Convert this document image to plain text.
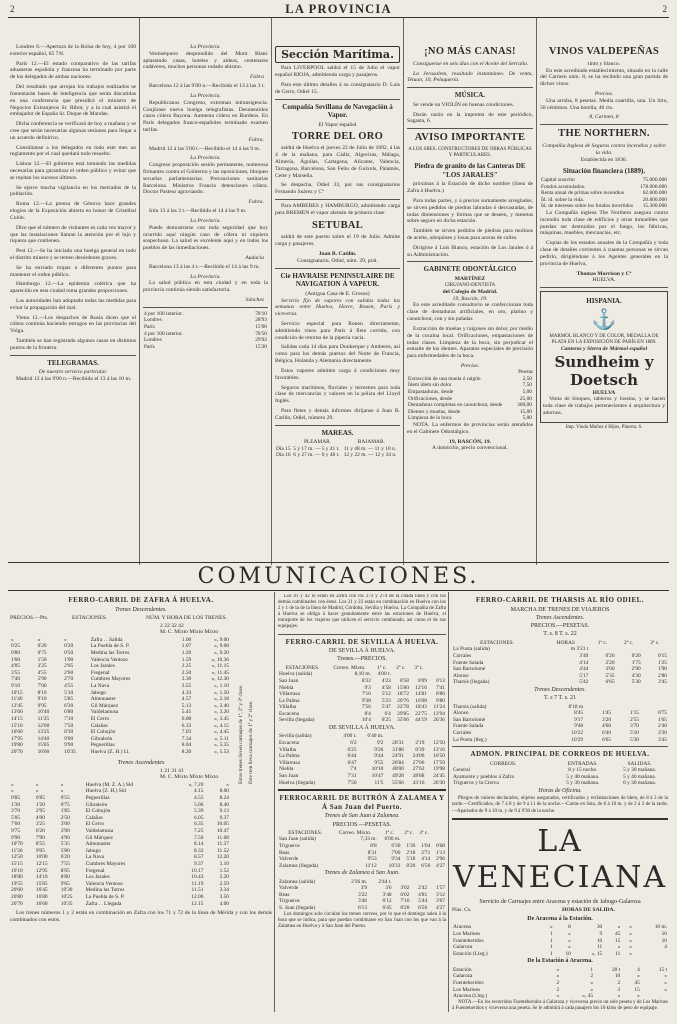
2	LA PROVINCIA	2

Londres 8.—Apertura de la Bolsa de hoy, 4 por 100 exterior español, 65 7/8.

París 12.—El estado comparativo de las tarifas aduaneras española y francesa ha terminado por parte de los delegados de ambas naciones.

Del resultado que arrojan los trabajos realizados se fomentarán bases de inteligencia que serán discutidas en una conferencia que presidirá el ministro de Negocios Extranjeros Sr. Ribot, y a la cual asistirá el embajador de España Sr. Duque de Mandas.

Dicha conferencia se verificará de hoy a mañana y se cree que serán necesarias algunas sesiones para llegar a un acuerdo definitivo.

Consúltanse a los delegados en todo este mes un reglamento por el cual quedará todo resuelto.

Lisboa 12.—El gobierno está tomando las medidas necesarias para garantizar el orden público y evitar que se repitan los sucesos últimos.

Se ejerce mucha vigilancia en los mercados de la población.

Roma 12.—La prensa de Génova hace grandes elogios de la Exposición abierta en honor de Cristóbal Colón.

Dice que el número de visitantes es cada vez mayor y que las instalaciones llaman la atención por el lujo y riqueza que contienen.

Pest 12.—Se ha iniciado una huelga general en todo el distrito minero y se temen desórdenes graves.

Se ha enviado tropas a diferentes puntos para mantener el orden público.

Hamburgo 12.—La epidemia colérica que ha aparecido en esta ciudad toma grandes proporciones.

Las autoridades han adoptado todas las medidas para evitar la propagación del mal.

Viena 12.—Los despachos de Rusia dicen que el cólera continúa haciendo estragos en las provincias del Volga.

También se han registrado algunos casos en distintos puntos de la frontera.

TELEGRAMAS.
De nuestro servicio particular.

Madrid 13 á las 9'00 n.—Recibido el 13 á las 10 m.

La Provincia.

Ventiséquero desprendido del Mont Blanc aplastando casas, hoteles y aldeas, centenares cadáveres, muchos personas rodado abismo.

Fabra

Barcelona 12 á las 9'00 n.—Recibido el 13 á las 3 t.

La Provincia.

Republicanos Congreso, extreman intransigencia. Conjúrase nueva huelga telegrafistas. Desmentidos casos cólera Bayona. Aumenta cólera en Burdeos. En París delegados franco-españoles terminado examen tarifas.

Fabra.

Madrid 12 á las 5'00 t.—Recibido el 14 á las 9 m.

La Provincia.

Congreso proposición sesión permanente, numerosa firmantes contra el Gobierno y las oposiciones, bloqueo secuelas parlamentarias. Precauciones sanitarias Barcelona. Ministros Francia detenciones cólera. Doctor Pasteur agraviando.

Fabra.

Irún 13 á las 2 t.—Recibido el 14 á las 9 m.

La Provincia.

Puede demostrarse con toda seguridad que hoy ocurrido aquí ningún caso de cólera ni siquiera sospechoso. La salud es excelente aquí y en todos los pueblos de las inmediaciones.

Audacia

Barcelona 13 á las 4 t.—Recibido el 14 á las 9 m.

La Provincia.

La salud pública en esta ciudad y en toda la provincia continúa siendo satisfactoria.

Sánchez
4 por 100 interior.	78'10
Londres	28'93
París	15'00
4 por 100 interior.	78'50
Londres	29'02
París	15'20
Sección Marítima.

Para LIVERPOOL saldrá el 15 de Julio el vapor español RIOJA, admitiendo carga y pasajeros.

Para este último detalles á su consignatario D. Luis de Cerro, Odiel 15.

Compañía Sevillana de Navegación á Vapor.
El Vapor español
TORRE DEL ORO

saldrá de Huelva el jueves 22 de Julio de 1892, á las 4 de la mañana, para Cádiz, Algeciras, Málaga, Almería, Águilas, Cartagena, Alicante, Valencia, Tarragona, Barcelona, San Feliu de Guíxols, Palamós, Cette y Marsella.

Se despacha, Odiel 33, por sus consignatarios Fernando Suárez y Cª

Para AMBERES y HAMBURGO, admitiendo carga para BREMEN el vapor alemán de primera clase

SETUBAL

saldrá de este puerto sobre el 19 de Julio. Admite carga y pasajeros.

Juan B. Catilin.
Consignatario, Odiel, núm. 29, pral.
Cie HAVRAISE PENINSULAIRE DE NAVIGATION Á VAPEUR.
(Antigua Casa de E. Grosos)

Servicio fijo de vapores con salidas todas las semanas entre Huelva, Havre, Rouen, París y viceversa.

Servicio especial para Rouen directamente, admitiendo vinos para París á flete corrido, con condición de retorno de la pipería vacía.

Salidas cada 14 días para Dunkerque y Amberes, así como para los demás puertos del Norte de Francia, Bélgica, Holanda y Alemania directamente.

Estos vapores admiten carga á condiciones muy favorables.

Seguros marítimos, fluviales y terrestres para toda clase de mercancías y valores en la póliza del Lloyd Inglés.

Para fletes y demás informes diríjanse á Juan B. Catilin, Odiel, número 29.

MAREAS.
	PLEAMAR.	BAJAMAR.
Día 15	5 y 17 m. — 5 y 41 t.	11 y 48 m. — 11 y 10 n.
Día 16	6 y 27 m. — 6 y 48 t.	12 y 22 m. — 12 y 34 n.
¡NO MÁS CANAS!

Consíguense en seis días con el Aceite del Serrallo.

La Jerusalem, resultado instantáneo. De venta, Tetuan, 10, Peluquería.

MÚSICA.

Se vende un VIOLÍN en buenas condiciones.

Darán razón en la imprenta de este periódico, Sagasta, 6.

AVISO IMPORTANTE
A LOS SRES. CONSTRUCTORES DE OBRAS PÚBLICAS Y PARTICULARES.
Piedra de granito de las Canteras DE "LOS JARALES"

próximas á la Estación de dicho nombre (línea de Zafra á Huelva.)

Para todas partes, y á precios sumamente arreglados, se sirven pedidos de piedras labradas ó desvastadas, de todas dimensiones y formas que se deseen, y mesetas sobre seguro en dicha estación.

También se sirven pedidos de piedras para molinos de aceite, adoquines y losas para aceras de calles.

Dirigirse á Luis Blanco, estación de Los Jarales ó á su Administración.

GABINETE ODONTÁLGICO
MARTÍNEZ
CIRUJANO-DENTISTA
del Colegio de Madrid.
19, Rascón, 19.

En este acreditado consultorio se confeccionan toda clase de dentaduras artificiales, en oro, platino y caoutchout, con y sin paladar.

Extracción de muelas y raigones sin dolor, por medio de la cocaína local. Orificaciones, empastaciones de todas clases. Limpieza de la boca, sin perjudicar el esmalte de los dientes. Aparatos especiales de precisión para enfermedades de la boca.

Precios.
Pesetas
Extracción de una muela ó raigón	2,50
Ídem ídem sin dolor	7,50
Empastaduras, desde	5,00
Orificaciones, desde	25,00
Dentaduras completas en caoutchout, desde	300,00
Dientes y muelas, desde	15,00
Limpieza de la boca	5,00

NOTA. La enfermos de provincias serán atendidos en el Gabinete Odontálgico.

19, RASCÓN, 19.
A domicilio, precio convencional.
VINOS VALDEPEÑAS
tinto y blanco.

En este acreditado establecimiento, situado en la calle del Carmen núm. 8, se ha recibido una gran partida de dichos vinos.

Precios.

Una arroba, 8 pesetas. Media cuartilla, una. Un litro, 50 céntimos. Una botella, 40 cts.

8, Carmen, 8
THE NORTHERN.
Compañía Inglesa de Seguros contra incendios y sobre la vida.
Establecida en 1836.
Situación financiera (1889).
Capital suscrito	75.000.000
Fondos acumulados.	178.000.000
Renta anual de primas sobre incendios	62.600.000
Íd. íd. sobre la vida.	20.800.000
Íd. de intereses sobre los fondos invertidos	15.300.000

La Compañía inglesa The Northern asegura contra incendio toda clase de edificios y otras inmuebles que puedan ser destruidos por el fuego, los fábricas, máquinas, muebles, mercancías, etc.

Copias de los estados anuales de la Compañía y toda clase de detalles corrientes á cuantas personas se sirvan pedirlo, dirigiéndose á los Agentes generales en la provincia de Huelva,

Thomas Morrison y Cª
HUELVA.
HISPANIA.
⚓
MARMOL BLANCO Y DE COLOR, MEDALLA DE PLATA EN LA EXPOSICIÓN DE PARÍS EN 1889.
Canteras y Sierra de Mármol español
Sundheim y Doetsch
HUELVA

Venta de bloques, tableros y losetas, y se hacen toda clase de trabajos pertenecientes á arquitectura y adornos.

Imp. Viuda Muñoz é Hijos, Placeta, 6.
COMUNICACIONES.
FERRO-CARRIL DE ZAFRA Á HUELVA.
Trenes Descendentes.
PRECIOS.—Pts.	ESTACIONES.	NÚM. Y HORA DE LOS TRENES.
2 22 32 42
M. C. Mixto Mixto Mixto
»	»	»	Zafra . . Salida	1.00	», 9.00
0'25	0'20	0'20	La Puebla de S. P.	1.07	», 9.08
0'80	0'75	0'50	Medina las Torres	1.20	», 9.20
1'60	1'50	1'00	Valencia Ventoso	1.59	», 10.36
4'05	3'25	2'05	Los Jarales	2.25	», 11.15
3'55	4'55	2'60	Fregenal	2.50	», 11.45
7'40	5'90	2'70	Cumbres Mayores	3.30	», 12.30
9'10	7'00	4'55	La Nava	3.55	», 1.10
10'15	8'10	5'10	Jabugo	4.33	», 1.50
11'40	9'10	5'85	Almonaster	4.57	», 2.18
12'45	9'95	6'30	Gil Márquez	5.13	», 2.40
13'60	10'40	6'80	Valdelamusa	5.45	», 3.20
14'15	11'25	7'10	El Cerro	6.08	», 3.45
15'10	12'00	7'50	Calañas	6.33	», 4.15
16'60	13'25	8'30	El Cobujón	7.03	», 4.45
17'95	14'40	9'00	Gibraleón	7.34	», 5.11
19'80	15'85	9'90	Peguerillas	8.04	», 5.35
20'70	16'60	10'35	Huelva (Z. H.) Ll.	8.20	», 5.53
Trenes Ascendentes
1 21 31 41
M. C. Mixto Mixto Mixto
»	»	»	Huelva (M. Z. A.) Sld	», 7.20	»
»	»	»	Huelva (Z. H.) Sld	4.15	8.00
0'85	0'85	0'55	Peguerillas	4.55	8.24
1'30	1'20	0'75	Gibraleón	5.06	8.40
3'70	2'95	1'85	El Cobujón	5.39	9.13
5'05	4'00	2'50	Calañas	6.05	9.37
7'60	3'25	3'00	El Cerro	6.35	10.05
9'75	6'20	3'90	Valdelamusa	7.25	10.47
9'90	7'90	4'90	Gil Márquez	7.50	11.08
10'70	8'55	5'35	Almonaster	8.14	11.37
11'30	9'05	5'80	Jabugo	8.32	11.52
12'50	10'00	6'20	La Nava	8.57	12.20
15'15	12'15	7'55	Cumbres Mayores	9.37	1.10
16'10	12'95	8'05	Fregenal	10.17	1.52
18'80	14'10	8'80	Los Jarales	10.43	2.20
19'55	15'85	9'65	Valencia Ventoso	11.19	2.59
20'60	16'45	10'30	Medina las Torres	11.51	3.34
20'80	16'80	10'25	La Puebla de S. P.	12.06	3.50
20'70	16'60	10'35	Zafra . . Llegada	12.15	4.00

Los trenes números 1 y 2 están en combinación en Zafra con los 71 y 72 de la línea de Mérida y con los demás combinados con estos.

Estos trenes lleven carruajes de 1ª, 2ª y 3ª clase. Este tren lleva carruajes de 1ª y 2ª clase.

Los 41 y 42 lo están en Zafra con los 273 y 274 de la citada línea y con los demás combinados con éstos. Los 21 y 22 están en combinación en Huelva con los 2 y 1 de la de la línea de Madrid, Córdoba, Sevilla y Huelva. La Compañía de Zafra á Huelva se obliga á hacer gratuitamente entre las estaciones de Huelva, el transporte de los viajeros que utilicen el servicio combinado, así como el de sus equipajes.

FERRO-CARRIL DE SEVILLA Á HUELVA.
DE SEVILLA Á HUELVA.
Trenes.—PRECIOS.
ESTACIONES.	Correo. Mixto.	1ª c.	2ª c.	3ª c.	
Huelva (salida)	8,10 m.	4'00 t.			
San Juan	8'32	4'23	0'58	0'09	0'13
Niebla	9'3	4'58	15'80	12'16	7'41
Villarrasa	7'16	5'12	18'72	14'81	8'86
La Palma	9'38	5'23	20'76	16'08	9'80
Villalba	7'56	5'47	22'78	18'43	11'24
Escacena	8'4	6'4	29'85	22'75	13'94
Sevilla (llegada)	10'4	8'25	35'66	44'19	26'36
DE SEVILLA Á HUELVA.
Sevilla (salida)	4'00 t.	6'40 m.			
Escacena	6'2	9'2	20'31	2'19	12'50
Villalba	6'25	9'26	31'88	0'39	13'16
La Palma	6'44	9'44	24'91	24'06	16'50
Villarrasa	6'47	9'55	26'84	27'06	17'59
Niebla	7'4	10'10	40'00	27'62	19'98
San Juan	7'31	10'47	49'28	38'88	24'45
Huelva (llegada)	7'50	11'5	55'66	43'16	26'30
FERROCARRIL DE BUITRÓN Á ZALAMEA Y Á San Juan del Puerto.
Trenes de San Juan á Zalamea.
PRECIOS.—PESETAS.
ESTACIONES.	Correo. Mixto.	1ª c.	2ª c.	3ª c.	
San Juan (salida)	7,33 m.	6'00 m.			
Trigueros	8'8	6'30	1'30	1'04	0'68
Beas	8'31	7'00	2'18	2'71	1'13
Valverde	9'53	9'34	5'18	4'14	2'96
Zalamea (llegada)	11'12	10'33	8'20	6'56	4'27
Trenes de Zalamea á San Juan.
Zalamea (salida)	2'36 m.	2'44 t.			
Valverde	3'9	3'6	3'02	2'42	1'57
Beas	3'22	3'48	6'02	4'81	3'12
Trigueros	3'46	6'12	7'16	5'44	3'67
S. Juan (llegada)	6'13	6'45	8'20	6'56	4'27

Los domingos solo circulan los trenes correos, por lo que el domingo salen á la hora que se indica, para que puedan combinarse en San Juan con los que van á la Zalamea en Huelva y á San Juan del Puerto.

FERRO-CARRIL DE THARSIS AL RÍO ODIEL.
MARCHA DE TRENES DE VIAJEROS
Trenes Ascendentes.
PRECIOS.—PESETAS.
T. s. 8 T. s. 22
ESTACIONES.	HORAS	1ª c.	2ª c.	3ª c.
La Punta (salida)	m 3'21 t			
Corrales	3'40	0'26	0'20	0'15
Fuente Salada	4'14	2'20	1'75	1'25
San Bartolomé	4'44	3'60	2'90	1'90
Alonso	5'17	5'35	4'30	2'80
Tharsis (llegada)	5'42	6'65	5'30	3'45
Trenes Descendentes.
T. s 7 T. s. 21
Tharsis (salida)	8'18 m			
Alonso	8'45	1'45	1'15	0'75
San Bartolomé	9'17	3'20	2'55	1'65
Fuente Salada	9'48	4'60	3'70	2'40
Corrales	10'22	6'40	5'10	3'30
La Punta (lleg.)	10'29	6'65	5'30	3'45
ADMON. PRINCIPAL DE CORREOS DE HUELVA.
CORREOS.	ENTRADAS.	SALIDAS.
General	8 y 15 noche.	5 y 30 mañana.
Ayamonte y pueblos á Zafra	5 y 40 mañana.	5 y 40 mañana.
Trigueros y la Cierva	5 y 30 mañana.	6 y 30 mañana.
Horas de Oficina.

Pliegos de valores declarados, objetos asegurados, certificados y reclamaciones de ídem, de 8 á 3 de la tarde.—Certificados, de 7 á 8 y de 9 á 11 de la noche.—Cartas en lista, de 8 á 10 m. y de 2 á 3 de la tarde.—Apartados de 9 á 10 m. y de 9 á 9'30 de la noche.

LA VENECIANA
Servicio de Carruajes entre Aracena y estación de Jabugo-Galaroza
Pías. Cs.	HORAS DE SALIDA.
De Aracena á la Estación.
Aracena	»	8	30	»	»	10 m.
Los Marines	1	»	9	45	»	10
Fuenteheridos	1	»	10	15	»	10
Galaroza	1	»	11	»	»	4
Estación (Lleg.)	1	10	», 15	11	»	
De la Estación á Aracena.
Estación	»	1	20 t	4	15 t
Galaroza	»	2	10	»	»
Fuenteheridos	2	»	2	45	»
Los Marines	2	»	3	15	»
Aracena (Lleg.)	»	», 45	»	»	

NOTA.—En los recorridos Fuenteheridos á Galaroza y viceversa precio un solo peseta y de Los Marines á Fuenteheridos y viceversa una peseta. Se le admitirá á cada pasajero los 10 kilos de peso de equipaje.
